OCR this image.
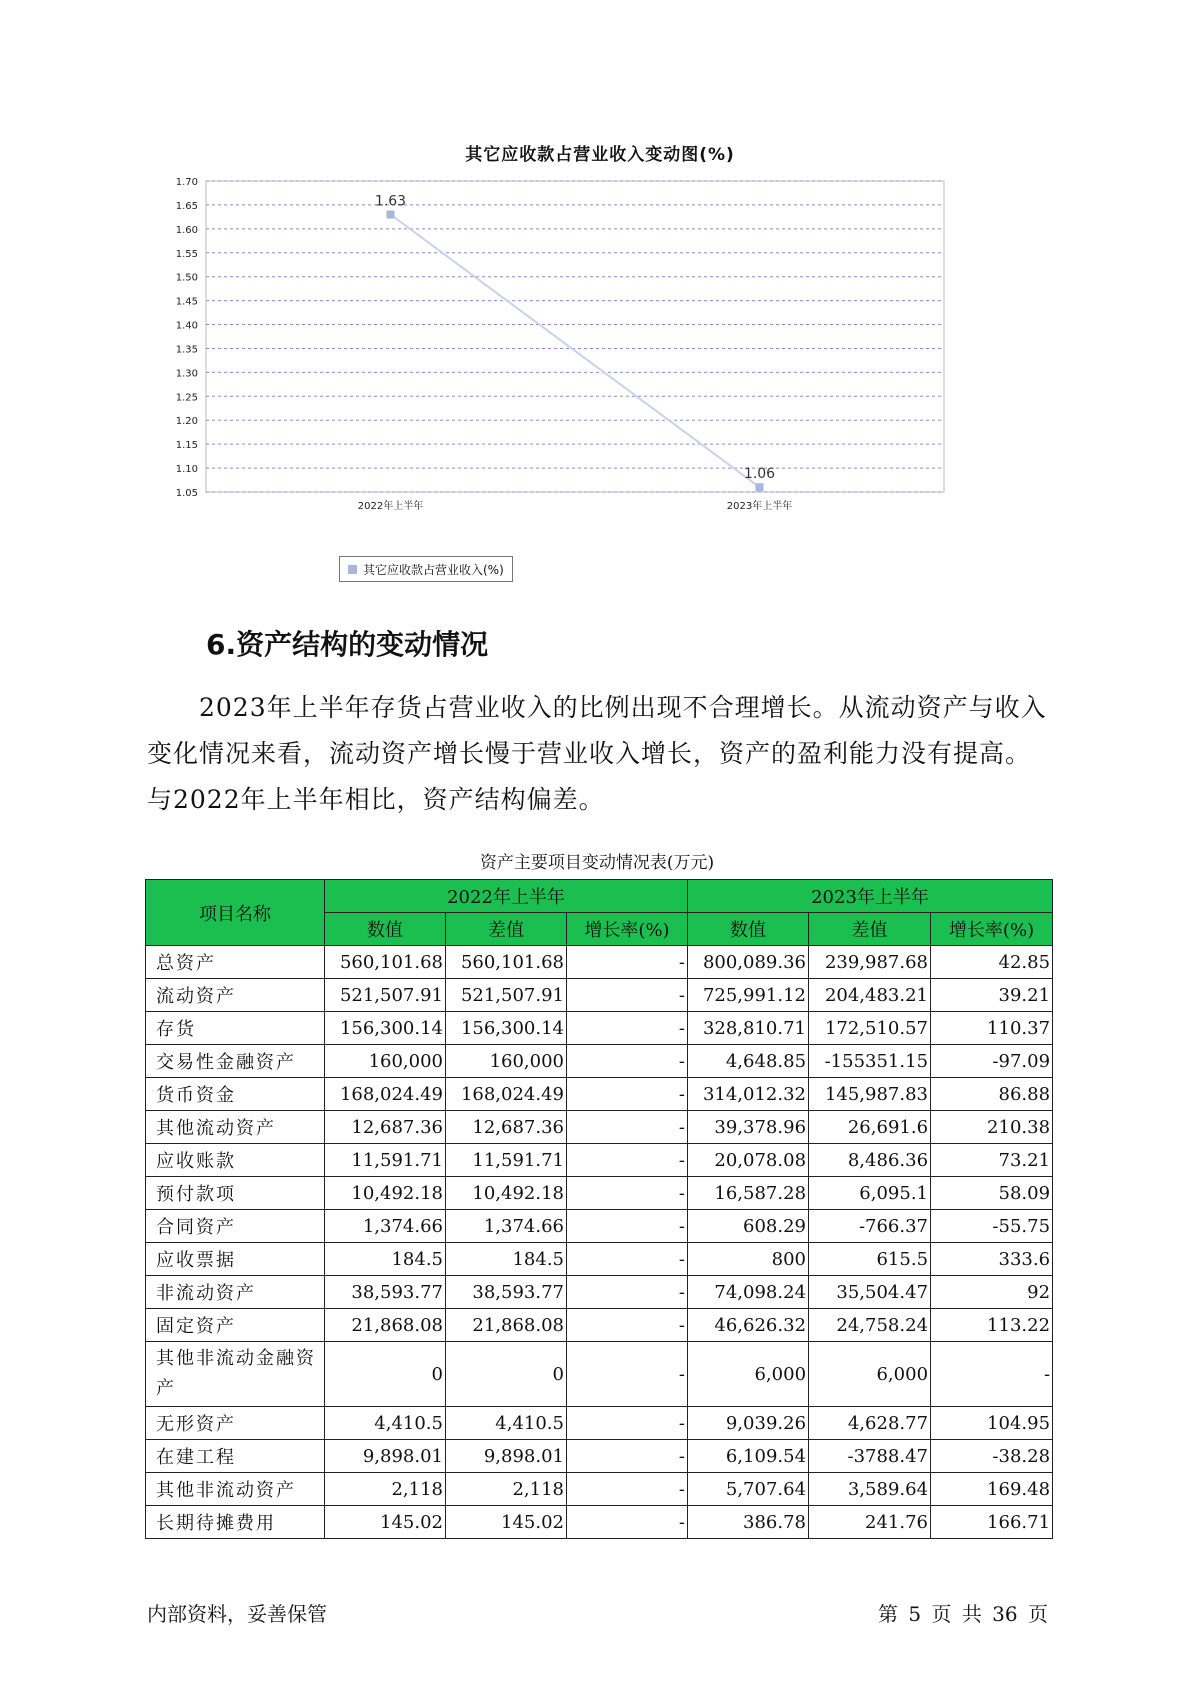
1.70
1.65
1.60
1.55
1.50
1.45
1.40
1.35
1.30
1.25
1.20
1.15
1.10
1.05
2022年上半年	2023年上半年
1.63
1.06
其它应收款占营业收入变动图(%)
其它应收款占营业收入(%)
6.资产结构的变动情况
2023年上半年存货占营业收入的比例出现不合理增长。从流动资产与收入变化情况来看，流动资产增长慢于营业收入增长，资产的盈利能力没有提高。与2022年上半年相比，资产结构偏差。
资产主要项目变动情况表(万元)
项目名称	2022年上半年			2023年上半年		
	数值	差值	增长率(%)	数值	差值	增长率(%)
总资产	560,101.68	560,101.68	-	800,089.36	239,987.68	42.85
流动资产	521,507.91	521,507.91	-	725,991.12	204,483.21	39.21
存货	156,300.14	156,300.14	-	328,810.71	172,510.57	110.37
交易性金融资产	160,000	160,000	-	4,648.85	-155351.15	-97.09
货币资金	168,024.49	168,024.49	-	314,012.32	145,987.83	86.88
其他流动资产	12,687.36	12,687.36	-	39,378.96	26,691.6	210.38
应收账款	11,591.71	11,591.71	-	20,078.08	8,486.36	73.21
预付款项	10,492.18	10,492.18	-	16,587.28	6,095.1	58.09
合同资产	1,374.66	1,374.66	-	608.29	-766.37	-55.75
应收票据	184.5	184.5	-	800	615.5	333.6
非流动资产	38,593.77	38,593.77	-	74,098.24	35,504.47	92
固定资产	21,868.08	21,868.08	-	46,626.32	24,758.24	113.22
其他非流动金融资产	0	0	-	6,000	6,000	-
无形资产	4,410.5	4,410.5	-	9,039.26	4,628.77	104.95
在建工程	9,898.01	9,898.01	-	6,109.54	-3788.47	-38.28
其他非流动资产	2,118	2,118	-	5,707.64	3,589.64	169.48
长期待摊费用	145.02	145.02	-	386.78	241.76	166.71
内部资料，妥善保管	第 5 页 共 36 页
